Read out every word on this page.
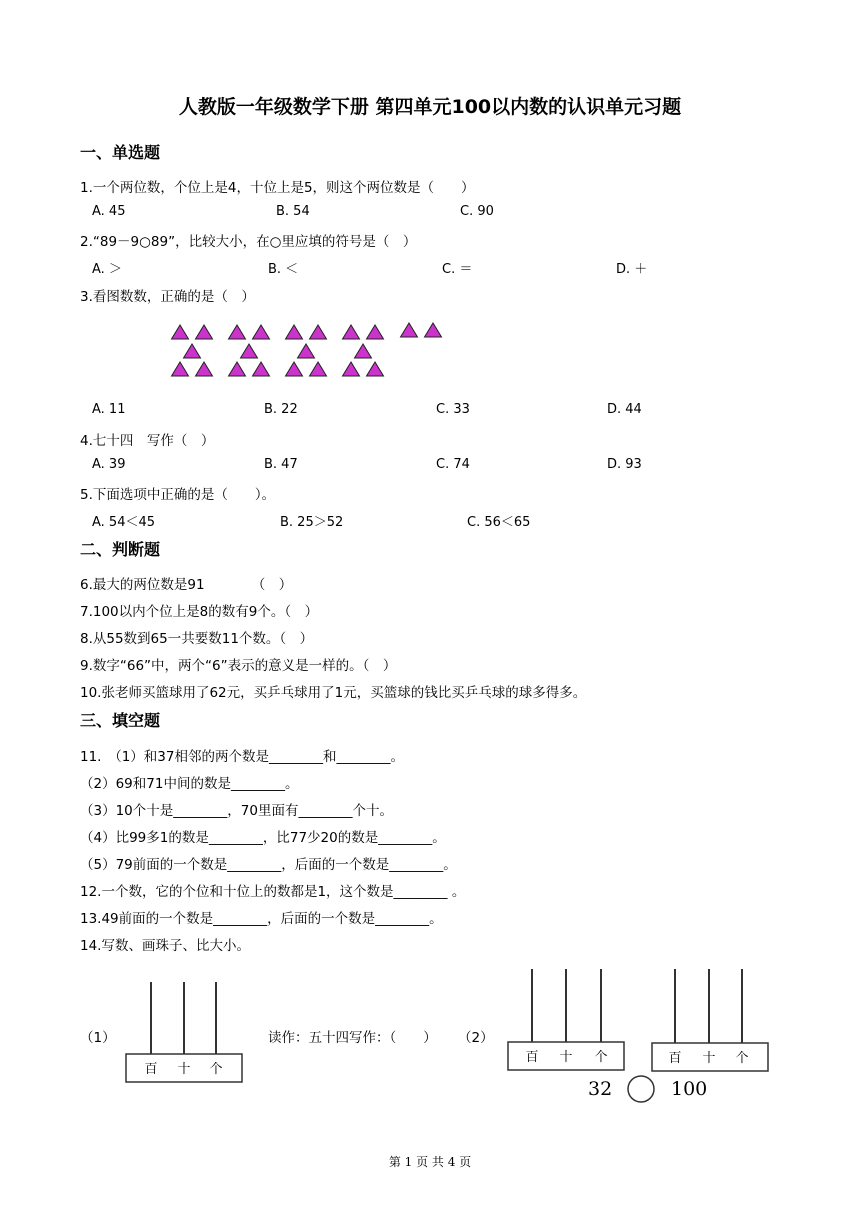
人教版一年级数学下册 第四单元100以内数的认识单元习题
一、单选题
1.一个两位数，个位上是4，十位上是5，则这个两位数是（　　）
A. 45	B. 54	C. 90
2.“89－9○89”，比较大小，在○里应填的符号是（　）
A. ＞	B. ＜	C. ＝	D. ＋
3.看图数数，正确的是（　）
A. 11	B. 22	C. 33	D. 44
4.七十四　写作（　）
A. 39	B. 47	C. 74	D. 93
5.下面选项中正确的是（　　）。
A. 54＜45	B. 25＞52	C. 56＜65
二、判断题
6.最大的两位数是91　　　　（　）
7.100以内个位上是8的数有9个。（　）
8.从55数到65一共要数11个数。（　）
9.数字“66”中，两个“6”表示的意义是一样的。（　）
10.张老师买篮球用了62元，买乒乓球用了1元，买篮球的钱比买乒乓球的球多得多。
三、填空题
11.　（1）和37相邻的两个数是________和________。
（2）69和71中间的数是________。
（3）10个十是________，70里面有________个十。
（4）比99多1的数是________，比77少20的数是________。
（5）79前面的一个数是________，后面的一个数是________。
12.一个数，它的个位和十位上的数都是1，这个数是________ 。
13.49前面的一个数是________，后面的一个数是________。
14.写数、画珠子、比大小。
（1）	读作：五十四写作：（　　） （2）
百 十 个
百 十 个	百 十 个
32	100
第 1 页 共 4 页
